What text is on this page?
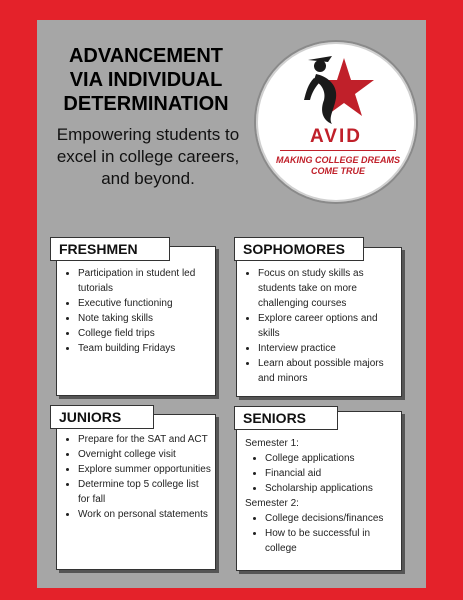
ADVANCEMENT
VIA INDIVIDUAL
DETERMINATION
Empowering students to
excel in college careers,
and beyond.
AVID
MAKING COLLEGE DREAMS
COME TRUE
FRESHMEN
Participation in student led tutorials
Executive functioning
Note taking skills
College field trips
Team building Fridays
SOPHOMORES
Focus on study skills as students take on more challenging courses
Explore career options and skills
Interview practice
Learn about possible majors and minors
JUNIORS
Prepare for the SAT and ACT
Overnight college visit
Explore summer opportunities
Determine top 5 college list for fall
Work on personal statements
SENIORS
Semester 1:
College applications
Financial aid
Scholarship applications
Semester 2:
College decisions/finances
How to be successful in college
